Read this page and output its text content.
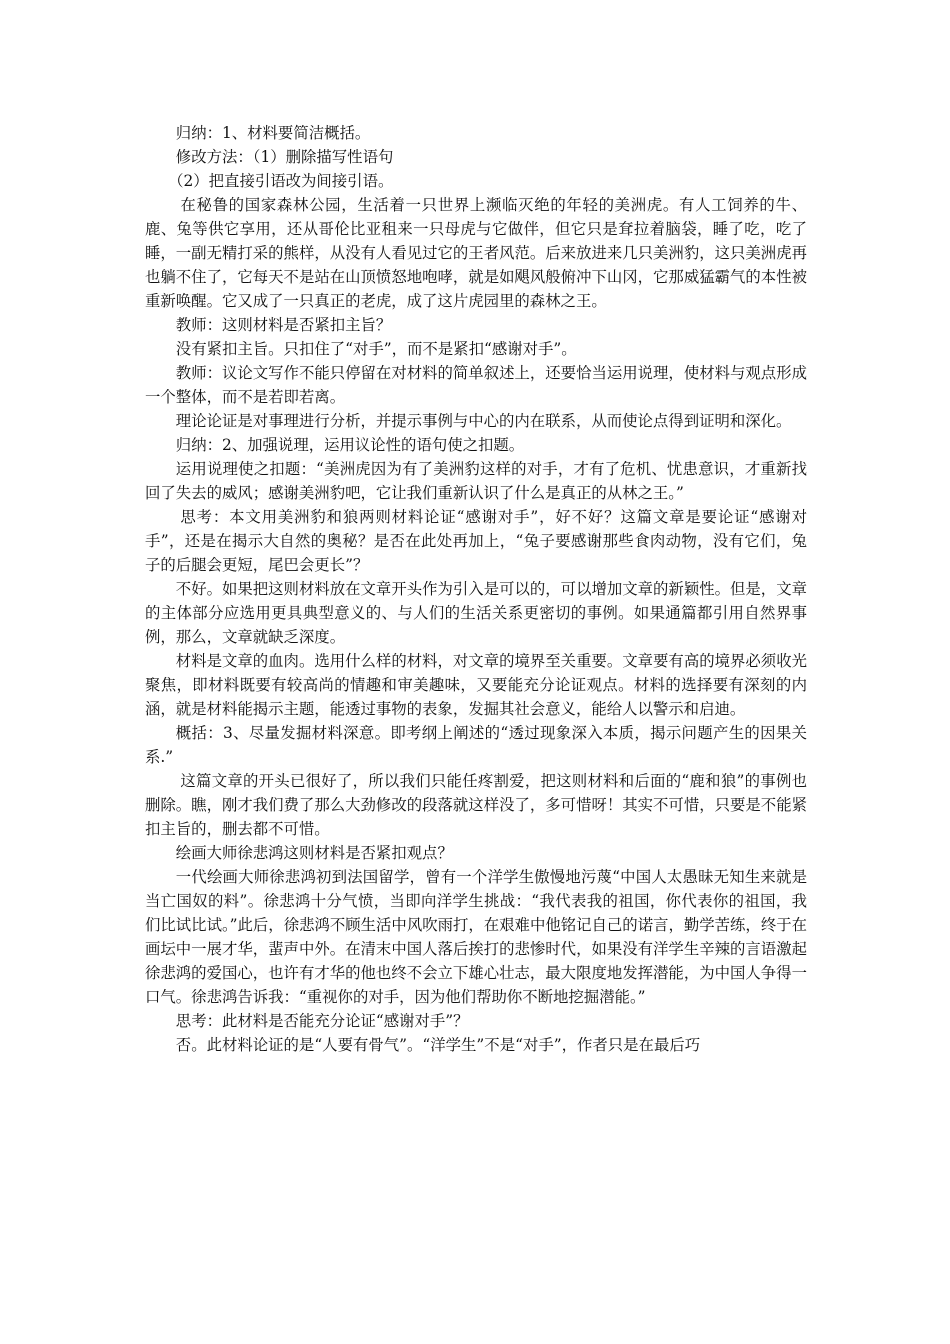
归纳：1、材料要简洁概括。

修改方法：（1）删除描写性语句

（2）把直接引语改为间接引语。

在秘鲁的国家森林公园，生活着一只世界上濒临灭绝的年轻的美洲虎。有人工饲养的牛、鹿、兔等供它享用，还从哥伦比亚租来一只母虎与它做伴，但它只是耷拉着脑袋，睡了吃，吃了睡，一副无精打采的熊样，从没有人看见过它的王者风范。后来放进来几只美洲豹，这只美洲虎再也躺不住了，它每天不是站在山顶愤怒地咆哮，就是如飓风般俯冲下山冈，它那威猛霸气的本性被重新唤醒。它又成了一只真正的老虎，成了这片虎园里的森林之王。

教师：这则材料是否紧扣主旨？

没有紧扣主旨。只扣住了“对手”，而不是紧扣“感谢对手”。

教师：议论文写作不能只停留在对材料的简单叙述上，还要恰当运用说理，使材料与观点形成一个整体，而不是若即若离。

理论论证是对事理进行分析，并提示事例与中心的内在联系，从而使论点得到证明和深化。

归纳：2、加强说理，运用议论性的语句使之扣题。

运用说理使之扣题：“美洲虎因为有了美洲豹这样的对手，才有了危机、忧患意识，才重新找回了失去的威风；感谢美洲豹吧，它让我们重新认识了什么是真正的从林之王。”

思考：本文用美洲豹和狼两则材料论证“感谢对手”，好不好？这篇文章是要论证“感谢对手”，还是在揭示大自然的奥秘？是否在此处再加上，“兔子要感谢那些食肉动物，没有它们，兔子的后腿会更短，尾巴会更长”？

不好。如果把这则材料放在文章开头作为引入是可以的，可以增加文章的新颖性。但是，文章的主体部分应选用更具典型意义的、与人们的生活关系更密切的事例。如果通篇都引用自然界事例，那么，文章就缺乏深度。

材料是文章的血肉。选用什么样的材料，对文章的境界至关重要。文章要有高的境界必须收光聚焦，即材料既要有较高尚的情趣和审美趣味，又要能充分论证观点。材料的选择要有深刻的内涵，就是材料能揭示主题，能透过事物的表象，发掘其社会意义，能给人以警示和启迪。

概括：3、尽量发掘材料深意。即考纲上阐述的“透过现象深入本质，揭示问题产生的因果关系.”

这篇文章的开头已很好了，所以我们只能任疼割爱，把这则材料和后面的“鹿和狼”的事例也删除。瞧，刚才我们费了那么大劲修改的段落就这样没了，多可惜呀！其实不可惜，只要是不能紧扣主旨的，删去都不可惜。

绘画大师徐悲鸿这则材料是否紧扣观点？

一代绘画大师徐悲鸿初到法国留学，曾有一个洋学生傲慢地污蔑“中国人太愚昧无知生来就是当亡国奴的料”。徐悲鸿十分气愤，当即向洋学生挑战：“我代表我的祖国，你代表你的祖国，我们比试比试。”此后，徐悲鸿不顾生活中风吹雨打，在艰难中他铭记自己的诺言，勤学苦练，终于在画坛中一展才华，蜚声中外。在清末中国人落后挨打的悲惨时代，如果没有洋学生辛辣的言语激起徐悲鸿的爱国心，也许有才华的他也终不会立下雄心壮志，最大限度地发挥潜能，为中国人争得一口气。徐悲鸿告诉我：“重视你的对手，因为他们帮助你不断地挖掘潜能。”

思考：此材料是否能充分论证“感谢对手”？

否。此材料论证的是“人要有骨气”。“洋学生”不是“对手”，作者只是在最后巧
